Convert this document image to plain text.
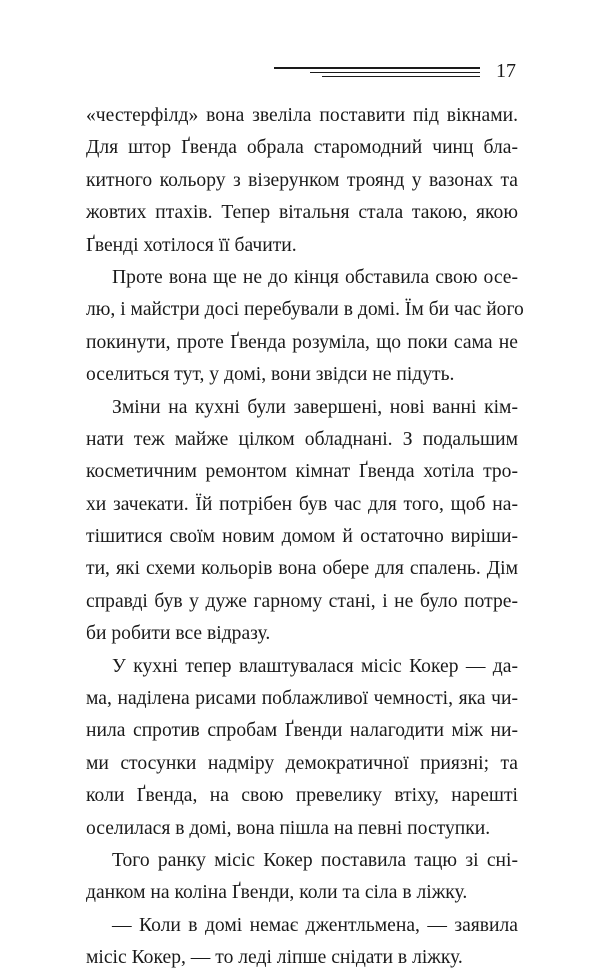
17
«честерфілд» вона звеліла поставити під вікнами.
Для штор Ґвенда обрала старомодний чинц бла-
китного кольору з візерунком троянд у вазонах та
жовтих птахів. Тепер вітальня стала такою, якою
Ґвенді хотілося її бачити.
Проте вона ще не до кінця обставила свою осе-
лю, і майстри досі перебували в домі. Їм би час його
покинути, проте Ґвенда розуміла, що поки сама не
оселиться тут, у домі, вони звідси не підуть.
Зміни на кухні були завершені, нові ванні кім-
нати теж майже цілком обладнані. З подальшим
косметичним ремонтом кімнат Ґвенда хотіла тро-
хи зачекати. Їй потрібен був час для того, щоб на-
тішитися своїм новим домом й остаточно виріши-
ти, які схеми кольорів вона обере для спалень. Дім
справді був у дуже гарному стані, і не було потре-
би робити все відразу.
У кухні тепер влаштувалася місіс Кокер — да-
ма, наділена рисами поблажливої чемності, яка чи-
нила спротив спробам Ґвенди налагодити між ни-
ми стосунки надміру демократичної приязні; та
коли Ґвенда, на свою превелику втіху, нарешті
оселилася в домі, вона пішла на певні поступки.
Того ранку місіс Кокер поставила тацю зі сні-
данком на коліна Ґвенди, коли та сіла в ліжку.
— Коли в домі немає джентльмена, — заявила
місіс Кокер, — то леді ліпше снідати в ліжку.
